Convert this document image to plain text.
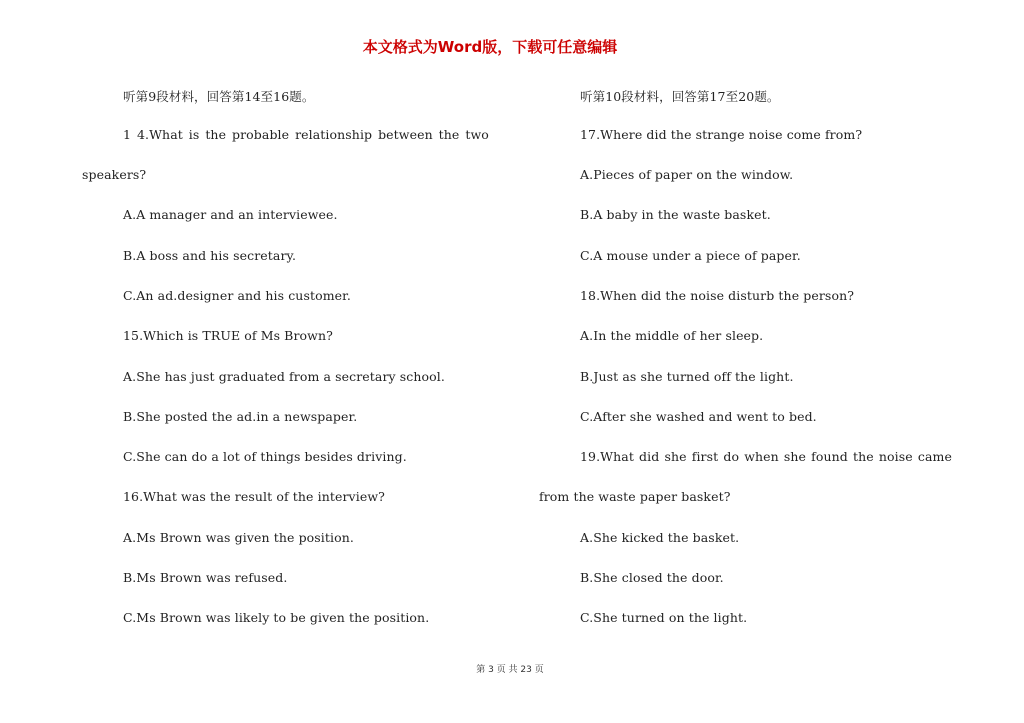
本文格式为Word版，下载可任意编辑
听第9段材料，回答第14至16题。
1 4.What is the probable relationship between the two
speakers?
A.A manager and an interviewee.
B.A boss and his secretary.
C.An ad.designer and his customer.
15.Which is TRUE of Ms Brown?
A.She has just graduated from a secretary school.
B.She posted the ad.in a newspaper.
C.She can do a lot of things besides driving.
16.What was the result of the interview?
A.Ms Brown was given the position.
B.Ms Brown was refused.
C.Ms Brown was likely to be given the position.
听第10段材料，回答第17至20题。
17.Where did the strange noise come from?
A.Pieces of paper on the window.
B.A baby in the waste basket.
C.A mouse under a piece of paper.
18.When did the noise disturb the person?
A.In the middle of her sleep.
B.Just as she turned off the light.
C.After she washed and went to bed.
19.What did she first do when she found the noise came
from the waste paper basket?
A.She kicked the basket.
B.She closed the door.
C.She turned on the light.
第 3 页 共 23 页
